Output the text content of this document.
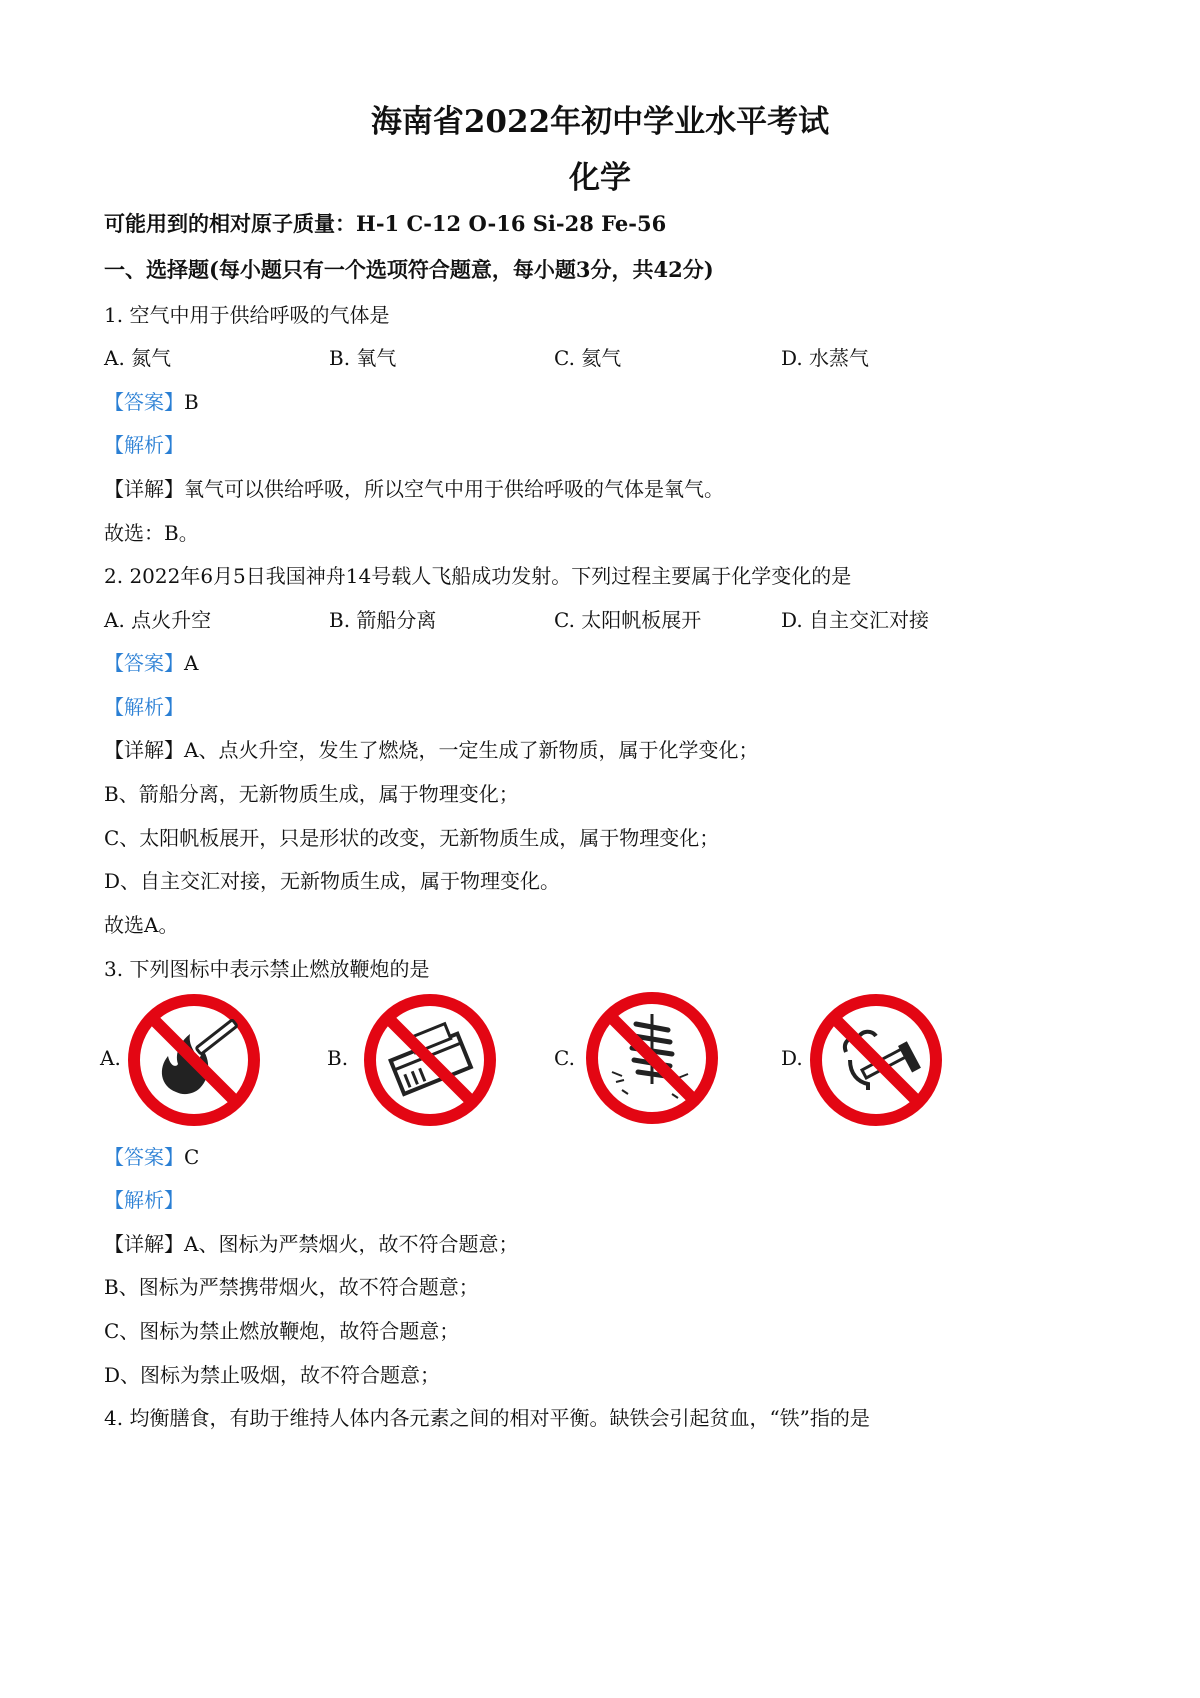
海南省2022年初中学业水平考试
化学
可能用到的相对原子质量：H-1 C-12 O-16 Si-28 Fe-56
一、选择题(每小题只有一个选项符合题意，每小题3分，共42分)
1. 空气中用于供给呼吸的气体是
A. 氮气	B. 氧气	C. 氦气	D. 水蒸气
【答案】B
【解析】
【详解】氧气可以供给呼吸，所以空气中用于供给呼吸的气体是氧气。
故选：B。
2. 2022年6月5日我国神舟14号载人飞船成功发射。下列过程主要属于化学变化的是
A. 点火升空	B. 箭船分离	C. 太阳帆板展开	D. 自主交汇对接
【答案】A
【解析】
【详解】A、点火升空，发生了燃烧，一定生成了新物质，属于化学变化；
B、箭船分离，无新物质生成，属于物理变化；
C、太阳帆板展开，只是形状的改变，无新物质生成，属于物理变化；
D、自主交汇对接，无新物质生成，属于物理变化。
故选A。
3. 下列图标中表示禁止燃放鞭炮的是
A.	B.	C.	D.
【答案】C
【解析】
【详解】A、图标为严禁烟火，故不符合题意；
B、图标为严禁携带烟火，故不符合题意；
C、图标为禁止燃放鞭炮，故符合题意；
D、图标为禁止吸烟，故不符合题意；
4. 均衡膳食，有助于维持人体内各元素之间的相对平衡。缺铁会引起贫血，“铁”指的是
